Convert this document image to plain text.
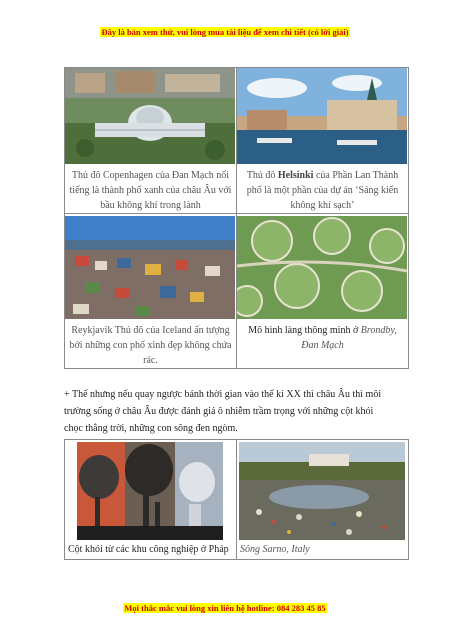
Đây là bản xem thử, vui lòng mua tài liệu để xem chi tiết (có lời giải)
Thủ đô Copenhagen của Đan Mạch nổi tiếng là thành phố xanh của châu Âu với bầu không khí trong lành	Thủ đô Helsinki của Phần Lan Thành phố là một phần của dự án ‘Sáng kiến không khí sạch’

Reykjavik Thủ đô của Iceland ấn tượng bởi những con phố xinh đẹp không chứa rác.	Mô hình làng thông minh ở Brondby, Đan Mạch
+ Thế nhưng nếu quay ngược bánh thời gian vào thế kỉ XX thì châu Âu thì môi trường sống ở châu Âu được đánh giá ô nhiễm trầm trọng với những cột khói chọc thẳng trời, những con sông đen ngòm.
Cột khói từ các khu công nghiệp ở Pháp	Sông Sarno, Italy
Mọi thắc mắc vui lòng xin liên hệ hotline: 084 283 45 85
